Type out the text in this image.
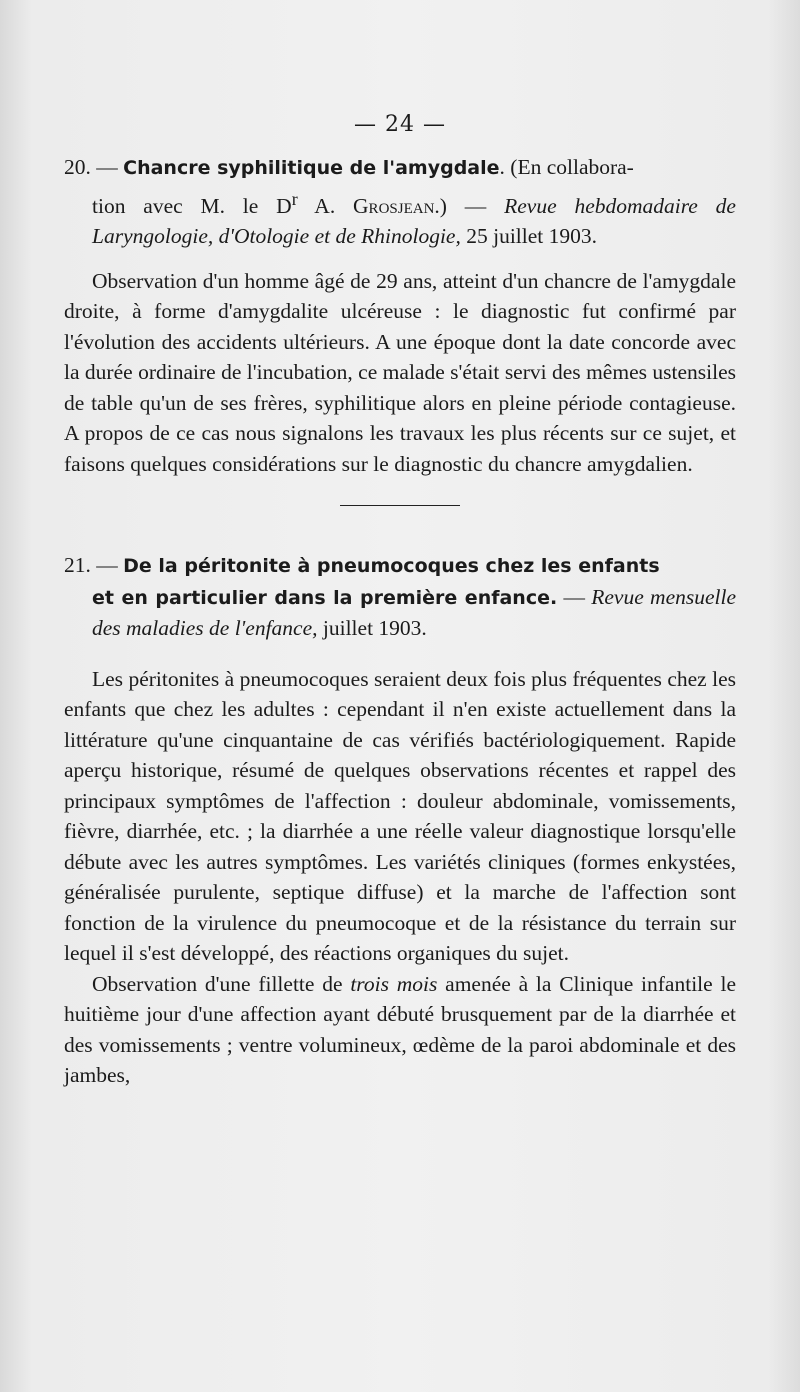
— 24 —

20. — Chancre syphilitique de l'amygdale. (En collabora-
tion avec M. le $D^r$ A. Grosjean.) — Revue hebdomadaire de Laryngologie, d'Otologie et de Rhinologie, 25 juillet 1903.

Observation d'un homme âgé de 29 ans, atteint d'un chancre de l'amygdale droite, à forme d'amygdalite ulcéreuse : le diagnostic fut confirmé par l'évolution des accidents ultérieurs. A une époque dont la date concorde avec la durée ordinaire de l'incubation, ce malade s'était servi des mêmes ustensiles de table qu'un de ses frères, syphilitique alors en pleine période contagieuse. A propos de ce cas nous signalons les travaux les plus récents sur ce sujet, et faisons quelques considérations sur le diagnostic du chancre amygdalien.

21. — De la péritonite à pneumocoques chez les enfants
et en particulier dans la première enfance. — Revue mensuelle des maladies de l'enfance, juillet 1903.

Les péritonites à pneumocoques seraient deux fois plus fréquentes chez les enfants que chez les adultes : cependant il n'en existe actuellement dans la littérature qu'une cinquantaine de cas vérifiés bactériologiquement. Rapide aperçu historique, résumé de quelques observations récentes et rappel des principaux symptômes de l'affection : douleur abdominale, vomissements, fièvre, diarrhée, etc. ; la diarrhée a une réelle valeur diagnostique lorsqu'elle débute avec les autres symptômes. Les variétés cliniques (formes enkystées, généralisée purulente, septique diffuse) et la marche de l'affection sont fonction de la virulence du pneumocoque et de la résistance du terrain sur lequel il s'est développé, des réactions organiques du sujet.

Observation d'une fillette de trois mois amenée à la Clinique infantile le huitième jour d'une affection ayant débuté brusquement par de la diarrhée et des vomissements ; ventre volumineux, œdème de la paroi abdominale et des jambes,
